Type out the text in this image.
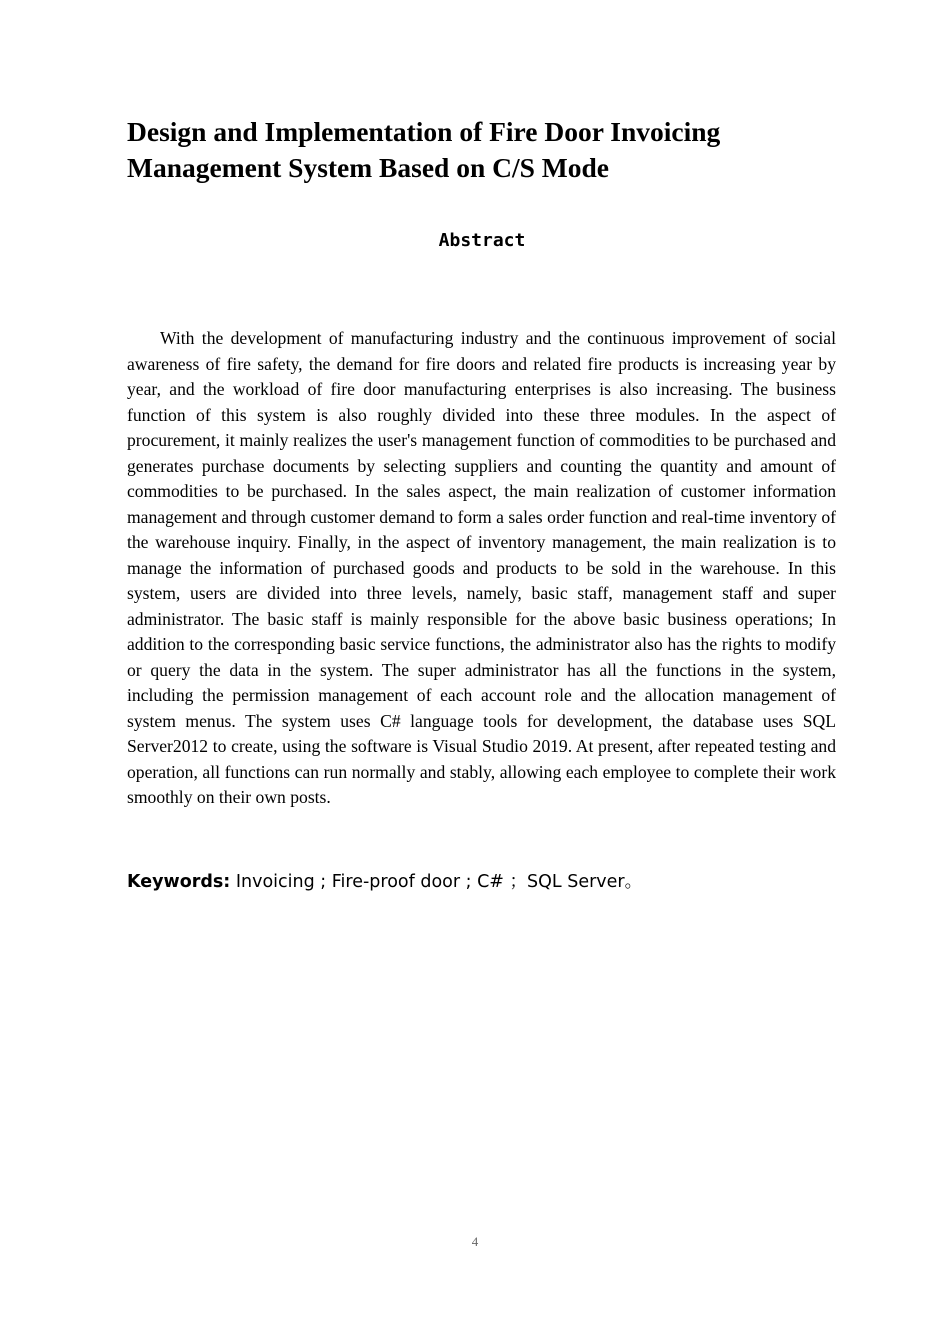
Design and Implementation of Fire Door Invoicing Management System Based on C/S Mode
Abstract

With the development of manufacturing industry and the continuous improvement of social awareness of fire safety, the demand for fire doors and related fire products is increasing year by year, and the workload of fire door manufacturing enterprises is also increasing. The business function of this system is also roughly divided into these three modules. In the aspect of procurement, it mainly realizes the user's management function of commodities to be purchased and generates purchase documents by selecting suppliers and counting the quantity and amount of commodities to be purchased. In the sales aspect, the main realization of customer information management and through customer demand to form a sales order function and real-time inventory of the warehouse inquiry. Finally, in the aspect of inventory management, the main realization is to manage the information of purchased goods and products to be sold in the warehouse. In this system, users are divided into three levels, namely, basic staff, management staff and super administrator. The basic staff is mainly responsible for the above basic business operations; In addition to the corresponding basic service functions, the administrator also has the rights to modify or query the data in the system. The super administrator has all the functions in the system, including the permission management of each account role and the allocation management of system menus. The system uses C# language tools for development, the database uses SQL Server2012 to create, using the software is Visual Studio 2019. At present, after repeated testing and operation, all functions can run normally and stably, allowing each employee to complete their work smoothly on their own posts.

Keywords: Invoicing ; Fire-proof door ; C# ；SQL Server。

4
